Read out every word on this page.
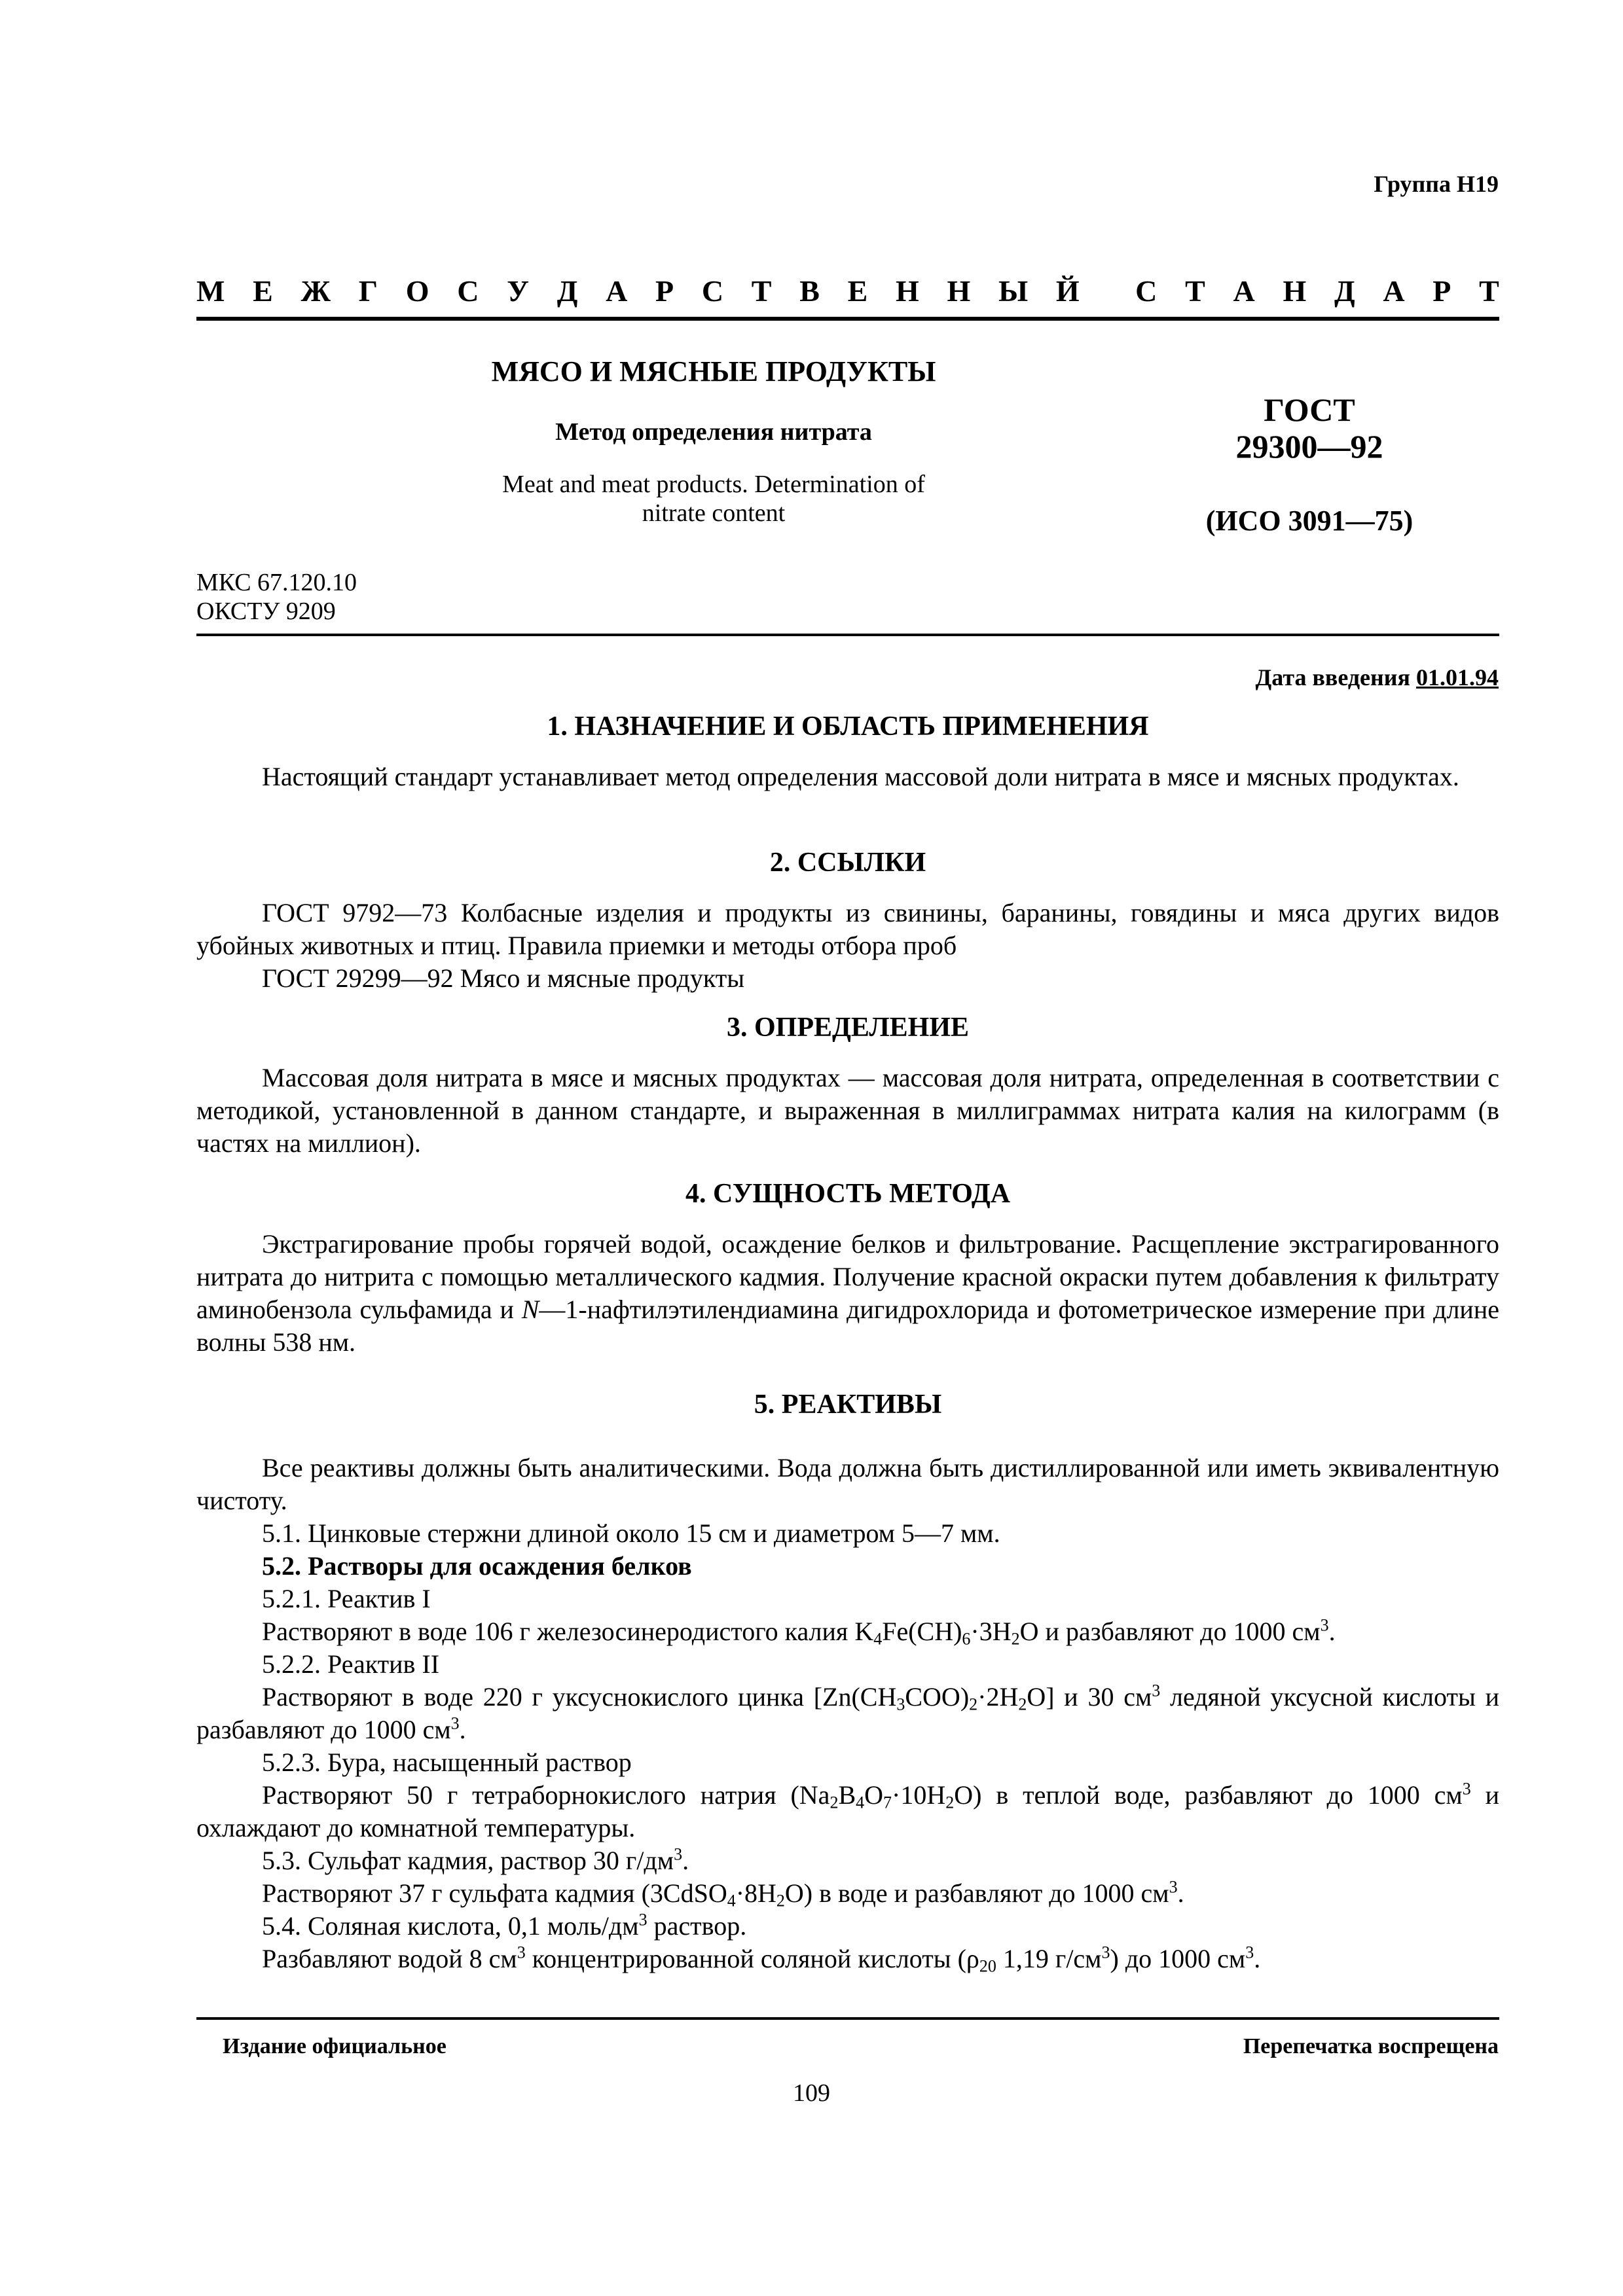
Группа Н19
М Е Ж Г О С У Д А Р С Т В Е Н Н Ы Й С Т А Н Д А Р Т
МЯСО И МЯСНЫЕ ПРОДУКТЫ
Метод определения нитрата
Meat and meat products. Determination of
nitrate content
ГОСТ
29300—92
(ИСО 3091—75)
МКС 67.120.10
ОКСТУ 9209
Дата введения 01.01.94
1. НАЗНАЧЕНИЕ И ОБЛАСТЬ ПРИМЕНЕНИЯ
Настоящий стандарт устанавливает метод определения массовой доли нитрата в мясе и мясных продуктах.
2. ССЫЛКИ
ГОСТ 9792—73 Колбасные изделия и продукты из свинины, баранины, говядины и мяса других видов убойных животных и птиц. Правила приемки и методы отбора проб
ГОСТ 29299—92 Мясо и мясные продукты
3. ОПРЕДЕЛЕНИЕ
Массовая доля нитрата в мясе и мясных продуктах — массовая доля нитрата, определенная в соответствии с методикой, установленной в данном стандарте, и выраженная в миллиграммах нитрата калия на килограмм (в частях на миллион).
4. СУЩНОСТЬ МЕТОДА
Экстрагирование пробы горячей водой, осаждение белков и фильтрование. Расщепление экстрагированного нитрата до нитрита с помощью металлического кадмия. Получение красной окраски путем добавления к фильтрату аминобензола сульфамида и N—1-нафтилэтилендиамина дигидрохлорида и фотометрическое измерение при длине волны 538 нм.
5. РЕАКТИВЫ
Все реактивы должны быть аналитическими. Вода должна быть дистиллированной или иметь эквивалентную чистоту.
5.1. Цинковые стержни длиной около 15 см и диаметром 5—7 мм.
5.2. Растворы для осаждения белков
5.2.1. Реактив I
Растворяют в воде 106 г железосинеродистого калия $K_4Fe(CH)_6\cdot 3H_2O$ и разбавляют до 1000 $см^3$.
5.2.2. Реактив II
Растворяют в воде 220 г уксуснокислого цинка $[Zn(CH_3COO)_2\cdot 2H_2O]$ и 30 $см^3$ ледяной уксусной кислоты и разбавляют до 1000 $см^3$.
5.2.3. Бура, насыщенный раствор
Растворяют 50 г тетраборнокислого натрия $(Na_2B_4O_7\cdot 10H_2O)$ в теплой воде, разбавляют до 1000 $см^3$ и охлаждают до комнатной температуры.
5.3. Сульфат кадмия, раствор 30 $г/дм^3$.
Растворяют 37 г сульфата кадмия $(3CdSO_4\cdot 8H_2O)$ в воде и разбавляют до 1000 $см^3$.
5.4. Соляная кислота, 0,1 моль/$дм^3$ раствор.
Разбавляют водой 8 $см^3$ концентрированной соляной кислоты ($\rho_{20}$ 1,19 $г/см^3$) до 1000 $см^3$.
Издание официальное	Перепечатка воспрещена
109
